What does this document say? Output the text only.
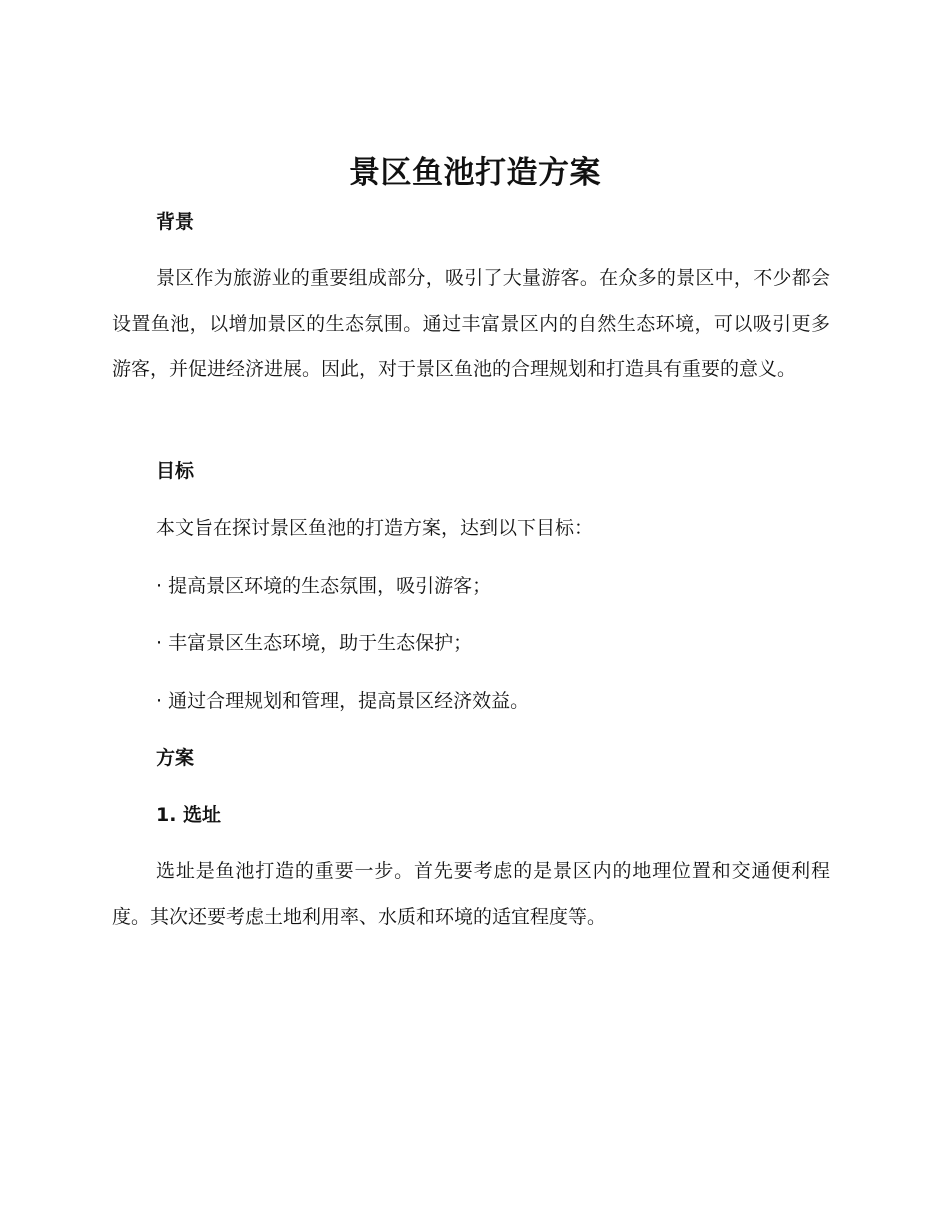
景区鱼池打造方案
背景

景区作为旅游业的重要组成部分，吸引了大量游客。在众多的景区中，不少都会设置鱼池，以增加景区的生态氛围。通过丰富景区内的自然生态环境，可以吸引更多游客，并促进经济进展。因此，对于景区鱼池的合理规划和打造具有重要的意义。

目标
本文旨在探讨景区鱼池的打造方案，达到以下目标：
· 提高景区环境的生态氛围，吸引游客；
· 丰富景区生态环境，助于生态保护；
· 通过合理规划和管理，提高景区经济效益。
方案
1. 选址

选址是鱼池打造的重要一步。首先要考虑的是景区内的地理位置和交通便利程度。其次还要考虑土地利用率、水质和环境的适宜程度等。
